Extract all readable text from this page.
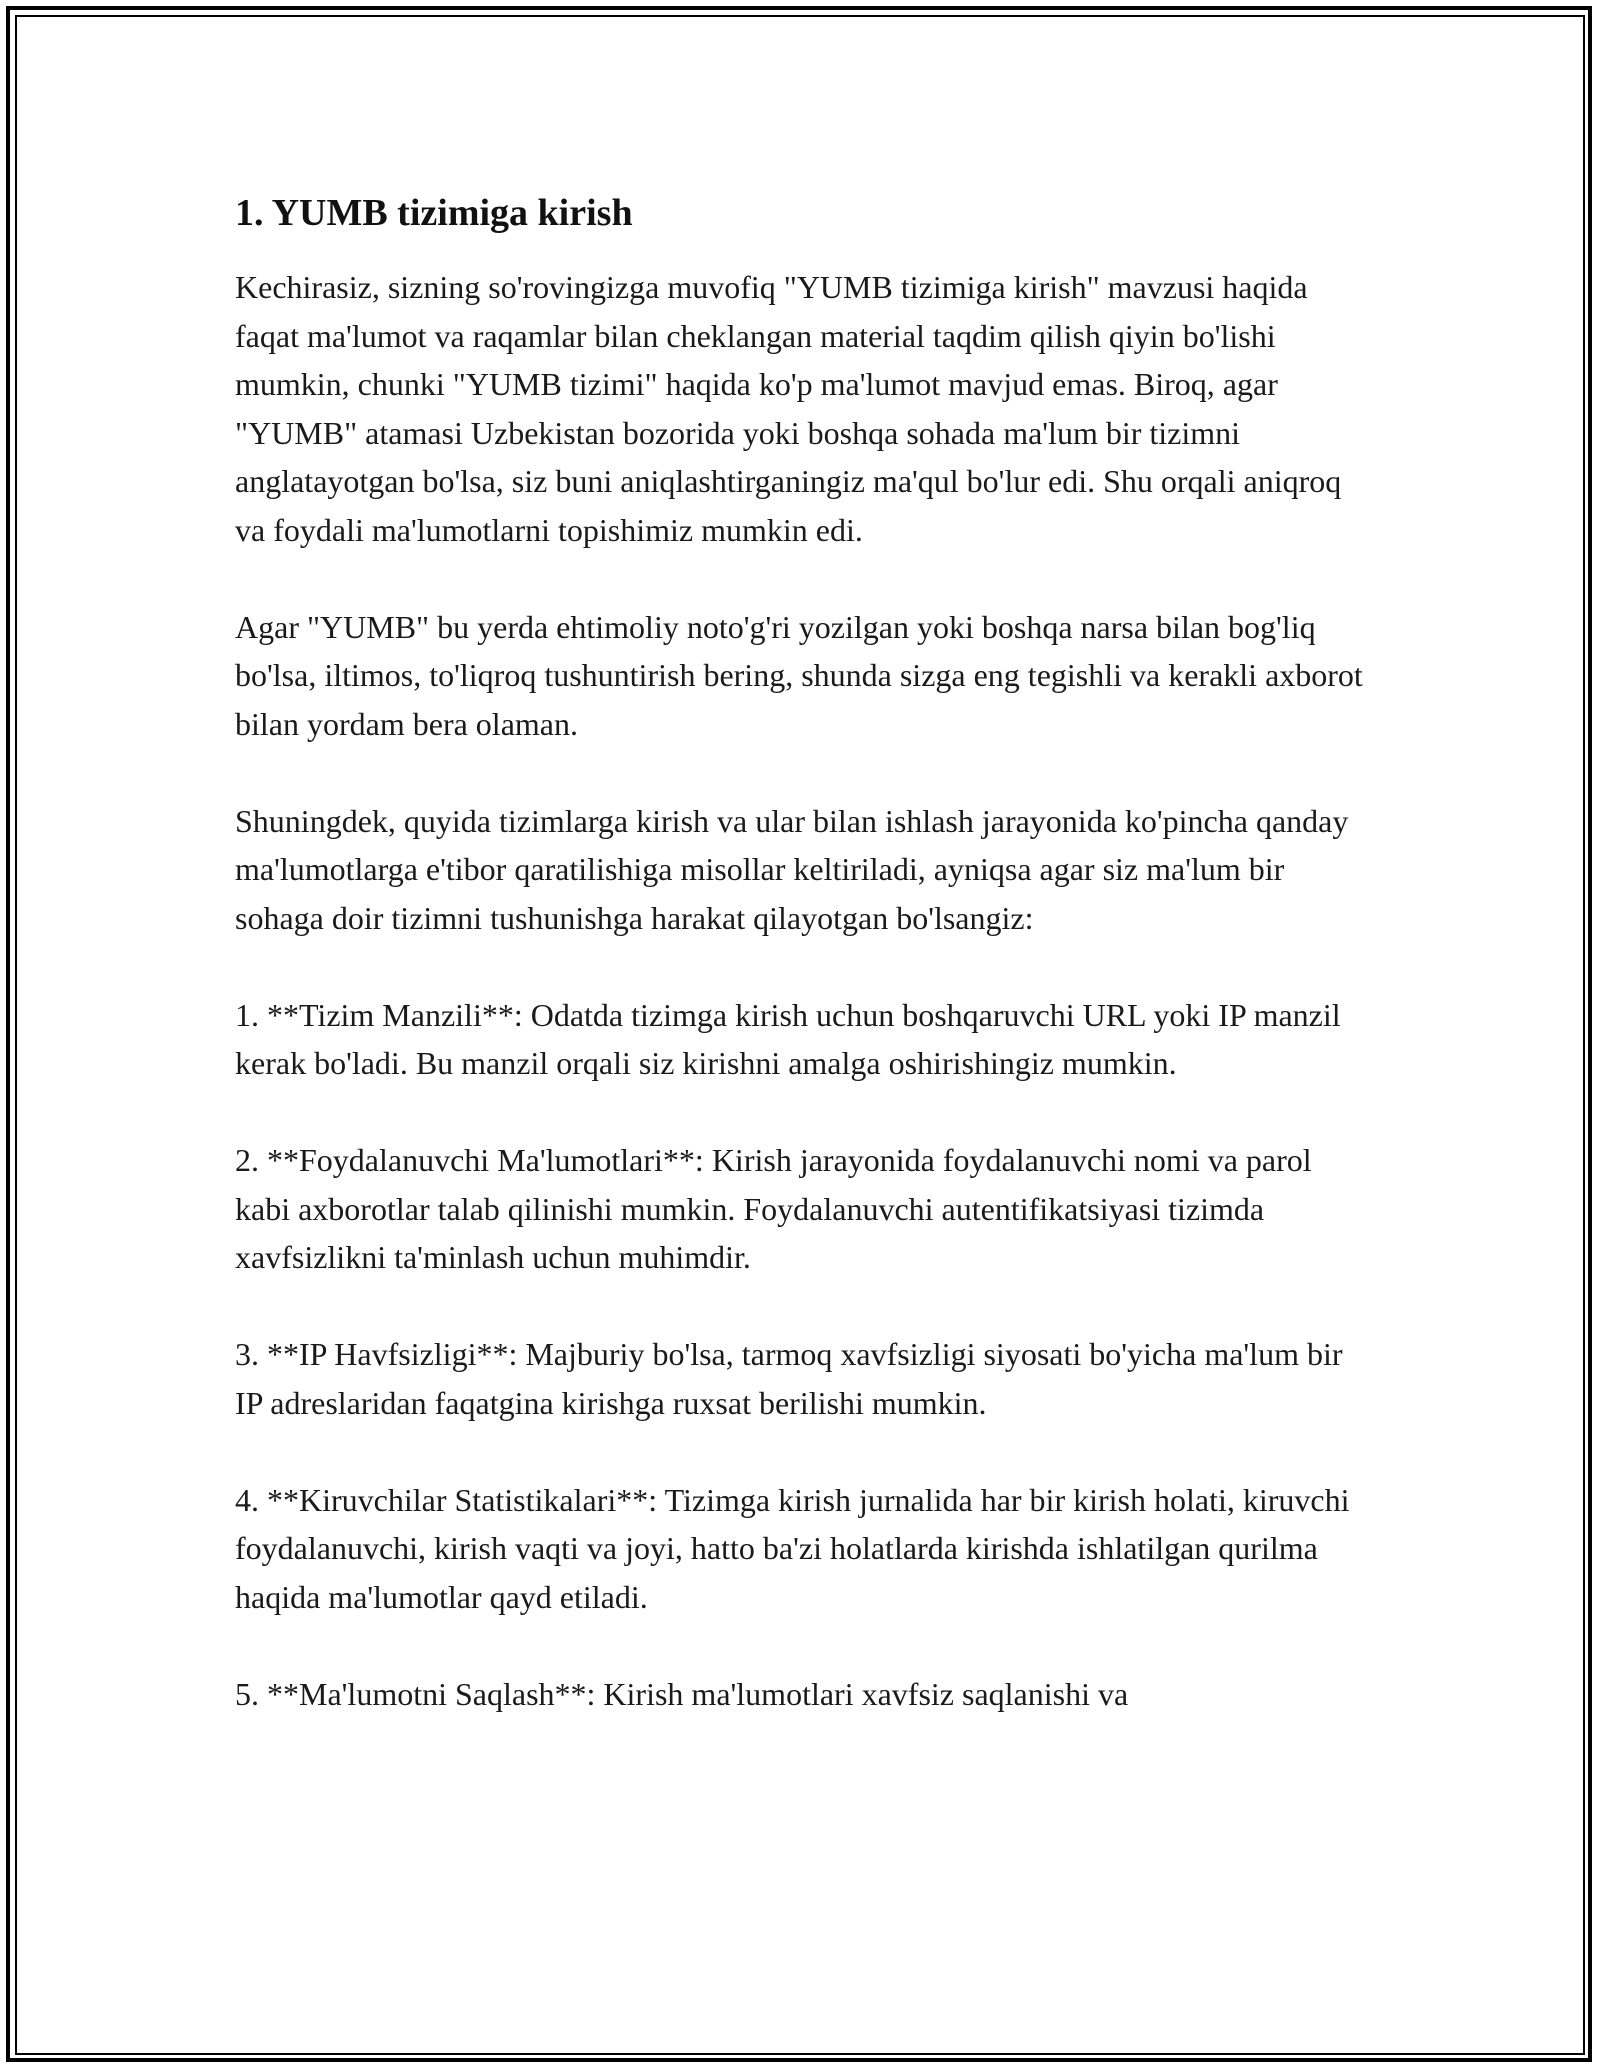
1. YUMB tizimiga kirish

Kechirasiz, sizning so'rovingizga muvofiq "YUMB tizimiga kirish" mavzusi haqida faqat ma'lumot va raqamlar bilan cheklangan material taqdim qilish qiyin bo'lishi mumkin, chunki "YUMB tizimi" haqida ko'p ma'lumot mavjud emas. Biroq, agar "YUMB" atamasi Uzbekistan bozorida yoki boshqa sohada ma'lum bir tizimni anglatayotgan bo'lsa, siz buni aniqlashtirganingiz ma'qul bo'lur edi. Shu orqali aniqroq va foydali ma'lumotlarni topishimiz mumkin edi.

Agar "YUMB" bu yerda ehtimoliy noto'g'ri yozilgan yoki boshqa narsa bilan bog'liq bo'lsa, iltimos, to'liqroq tushuntirish bering, shunda sizga eng tegishli va kerakli axborot bilan yordam bera olaman.

Shuningdek, quyida tizimlarga kirish va ular bilan ishlash jarayonida ko'pincha qanday ma'lumotlarga e'tibor qaratilishiga misollar keltiriladi, ayniqsa agar siz ma'lum bir sohaga doir tizimni tushunishga harakat qilayotgan bo'lsangiz:

1. **Tizim Manzili**: Odatda tizimga kirish uchun boshqaruvchi URL yoki IP manzil kerak bo'ladi. Bu manzil orqali siz kirishni amalga oshirishingiz mumkin.

2. **Foydalanuvchi Ma'lumotlari**: Kirish jarayonida foydalanuvchi nomi va parol kabi axborotlar talab qilinishi mumkin. Foydalanuvchi autentifikatsiyasi tizimda xavfsizlikni ta'minlash uchun muhimdir.

3. **IP Havfsizligi**: Majburiy bo'lsa, tarmoq xavfsizligi siyosati bo'yicha ma'lum bir IP adreslaridan faqatgina kirishga ruxsat berilishi mumkin.

4. **Kiruvchilar Statistikalari**: Tizimga kirish jurnalida har bir kirish holati, kiruvchi foydalanuvchi, kirish vaqti va joyi, hatto ba'zi holatlarda kirishda ishlatilgan qurilma haqida ma'lumotlar qayd etiladi.

5. **Ma'lumotni Saqlash**: Kirish ma'lumotlari xavfsiz saqlanishi va
